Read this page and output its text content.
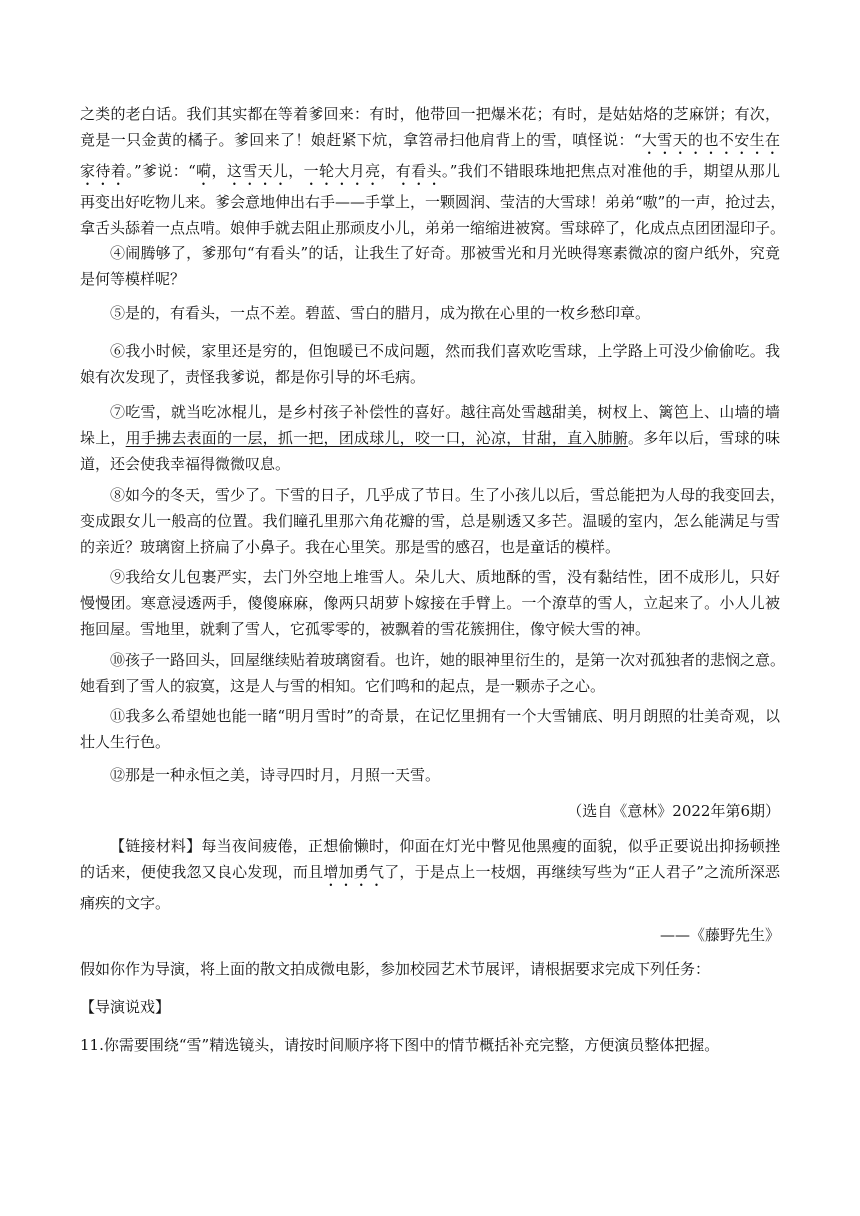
之类的老白话。我们其实都在等着爹回来：有时，他带回一把爆米花；有时，是姑姑烙的芝麻饼；有次，
竟是一只金黄的橘子。爹回来了！娘赶紧下炕，拿笤帚扫他肩背上的雪，嗔怪说：“大雪天的也不安生在
家待着。”爹说：“嗬，这雪天儿，一轮大月亮，有看头。”我们不错眼珠地把焦点对准他的手，期望从那儿
再变出好吃物儿来。爹会意地伸出右手——手掌上，一颗圆润、莹洁的大雪球！弟弟“嗷”的一声，抢过去，
拿舌头舔着一点点啃。娘伸手就去阻止那顽皮小儿，弟弟一缩缩进被窝。雪球碎了，化成点点团团湿印子。
④闹腾够了，爹那句“有看头”的话，让我生了好奇。那被雪光和月光映得寒素微凉的窗户纸外，究竟
是何等模样呢？
⑤是的，有看头，一点不差。碧蓝、雪白的腊月，成为揿在心里的一枚乡愁印章。
⑥我小时候，家里还是穷的，但饱暖已不成问题，然而我们喜欢吃雪球，上学路上可没少偷偷吃。我
娘有次发现了，责怪我爹说，都是你引导的坏毛病。
⑦吃雪，就当吃冰棍儿，是乡村孩子补偿性的喜好。越往高处雪越甜美，树杈上、篱笆上、山墙的墙
垛上，用手拂去表面的一层，抓一把，团成球儿，咬一口，沁凉，甘甜，直入肺腑。多年以后，雪球的味
道，还会使我幸福得微微叹息。
⑧如今的冬天，雪少了。下雪的日子，几乎成了节日。生了小孩儿以后，雪总能把为人母的我变回去，
变成跟女儿一般高的位置。我们瞳孔里那六角花瓣的雪，总是剔透又多芒。温暖的室内，怎么能满足与雪
的亲近？玻璃窗上挤扁了小鼻子。我在心里笑。那是雪的感召，也是童话的模样。
⑨我给女儿包裹严实，去门外空地上堆雪人。朵儿大、质地酥的雪，没有黏结性，团不成形儿，只好
慢慢团。寒意浸透两手，傻傻麻麻，像两只胡萝卜嫁接在手臂上。一个潦草的雪人，立起来了。小人儿被
拖回屋。雪地里，就剩了雪人，它孤零零的，被飘着的雪花簇拥住，像守候大雪的神。
⑩孩子一路回头，回屋继续贴着玻璃窗看。也许，她的眼神里衍生的，是第一次对孤独者的悲悯之意。
她看到了雪人的寂寞，这是人与雪的相知。它们鸣和的起点，是一颗赤子之心。
⑪我多么希望她也能一睹“明月雪时”的奇景，在记忆里拥有一个大雪铺底、明月朗照的壮美奇观，以
壮人生行色。
⑫那是一种永恒之美，诗寻四时月，月照一天雪。
（选自《意林》2022年第6期）
【链接材料】每当夜间疲倦，正想偷懒时，仰面在灯光中瞥见他黑瘦的面貌，似乎正要说出抑扬顿挫
的话来，便使我忽又良心发现，而且增加勇气了，于是点上一枝烟，再继续写些为“正人君子”之流所深恶
痛疾的文字。
——《藤野先生》
假如你作为导演，将上面的散文拍成微电影，参加校园艺术节展评，请根据要求完成下列任务：
【导演说戏】
11.你需要围绕“雪”精选镜头，请按时间顺序将下图中的情节概括补充完整，方便演员整体把握。
